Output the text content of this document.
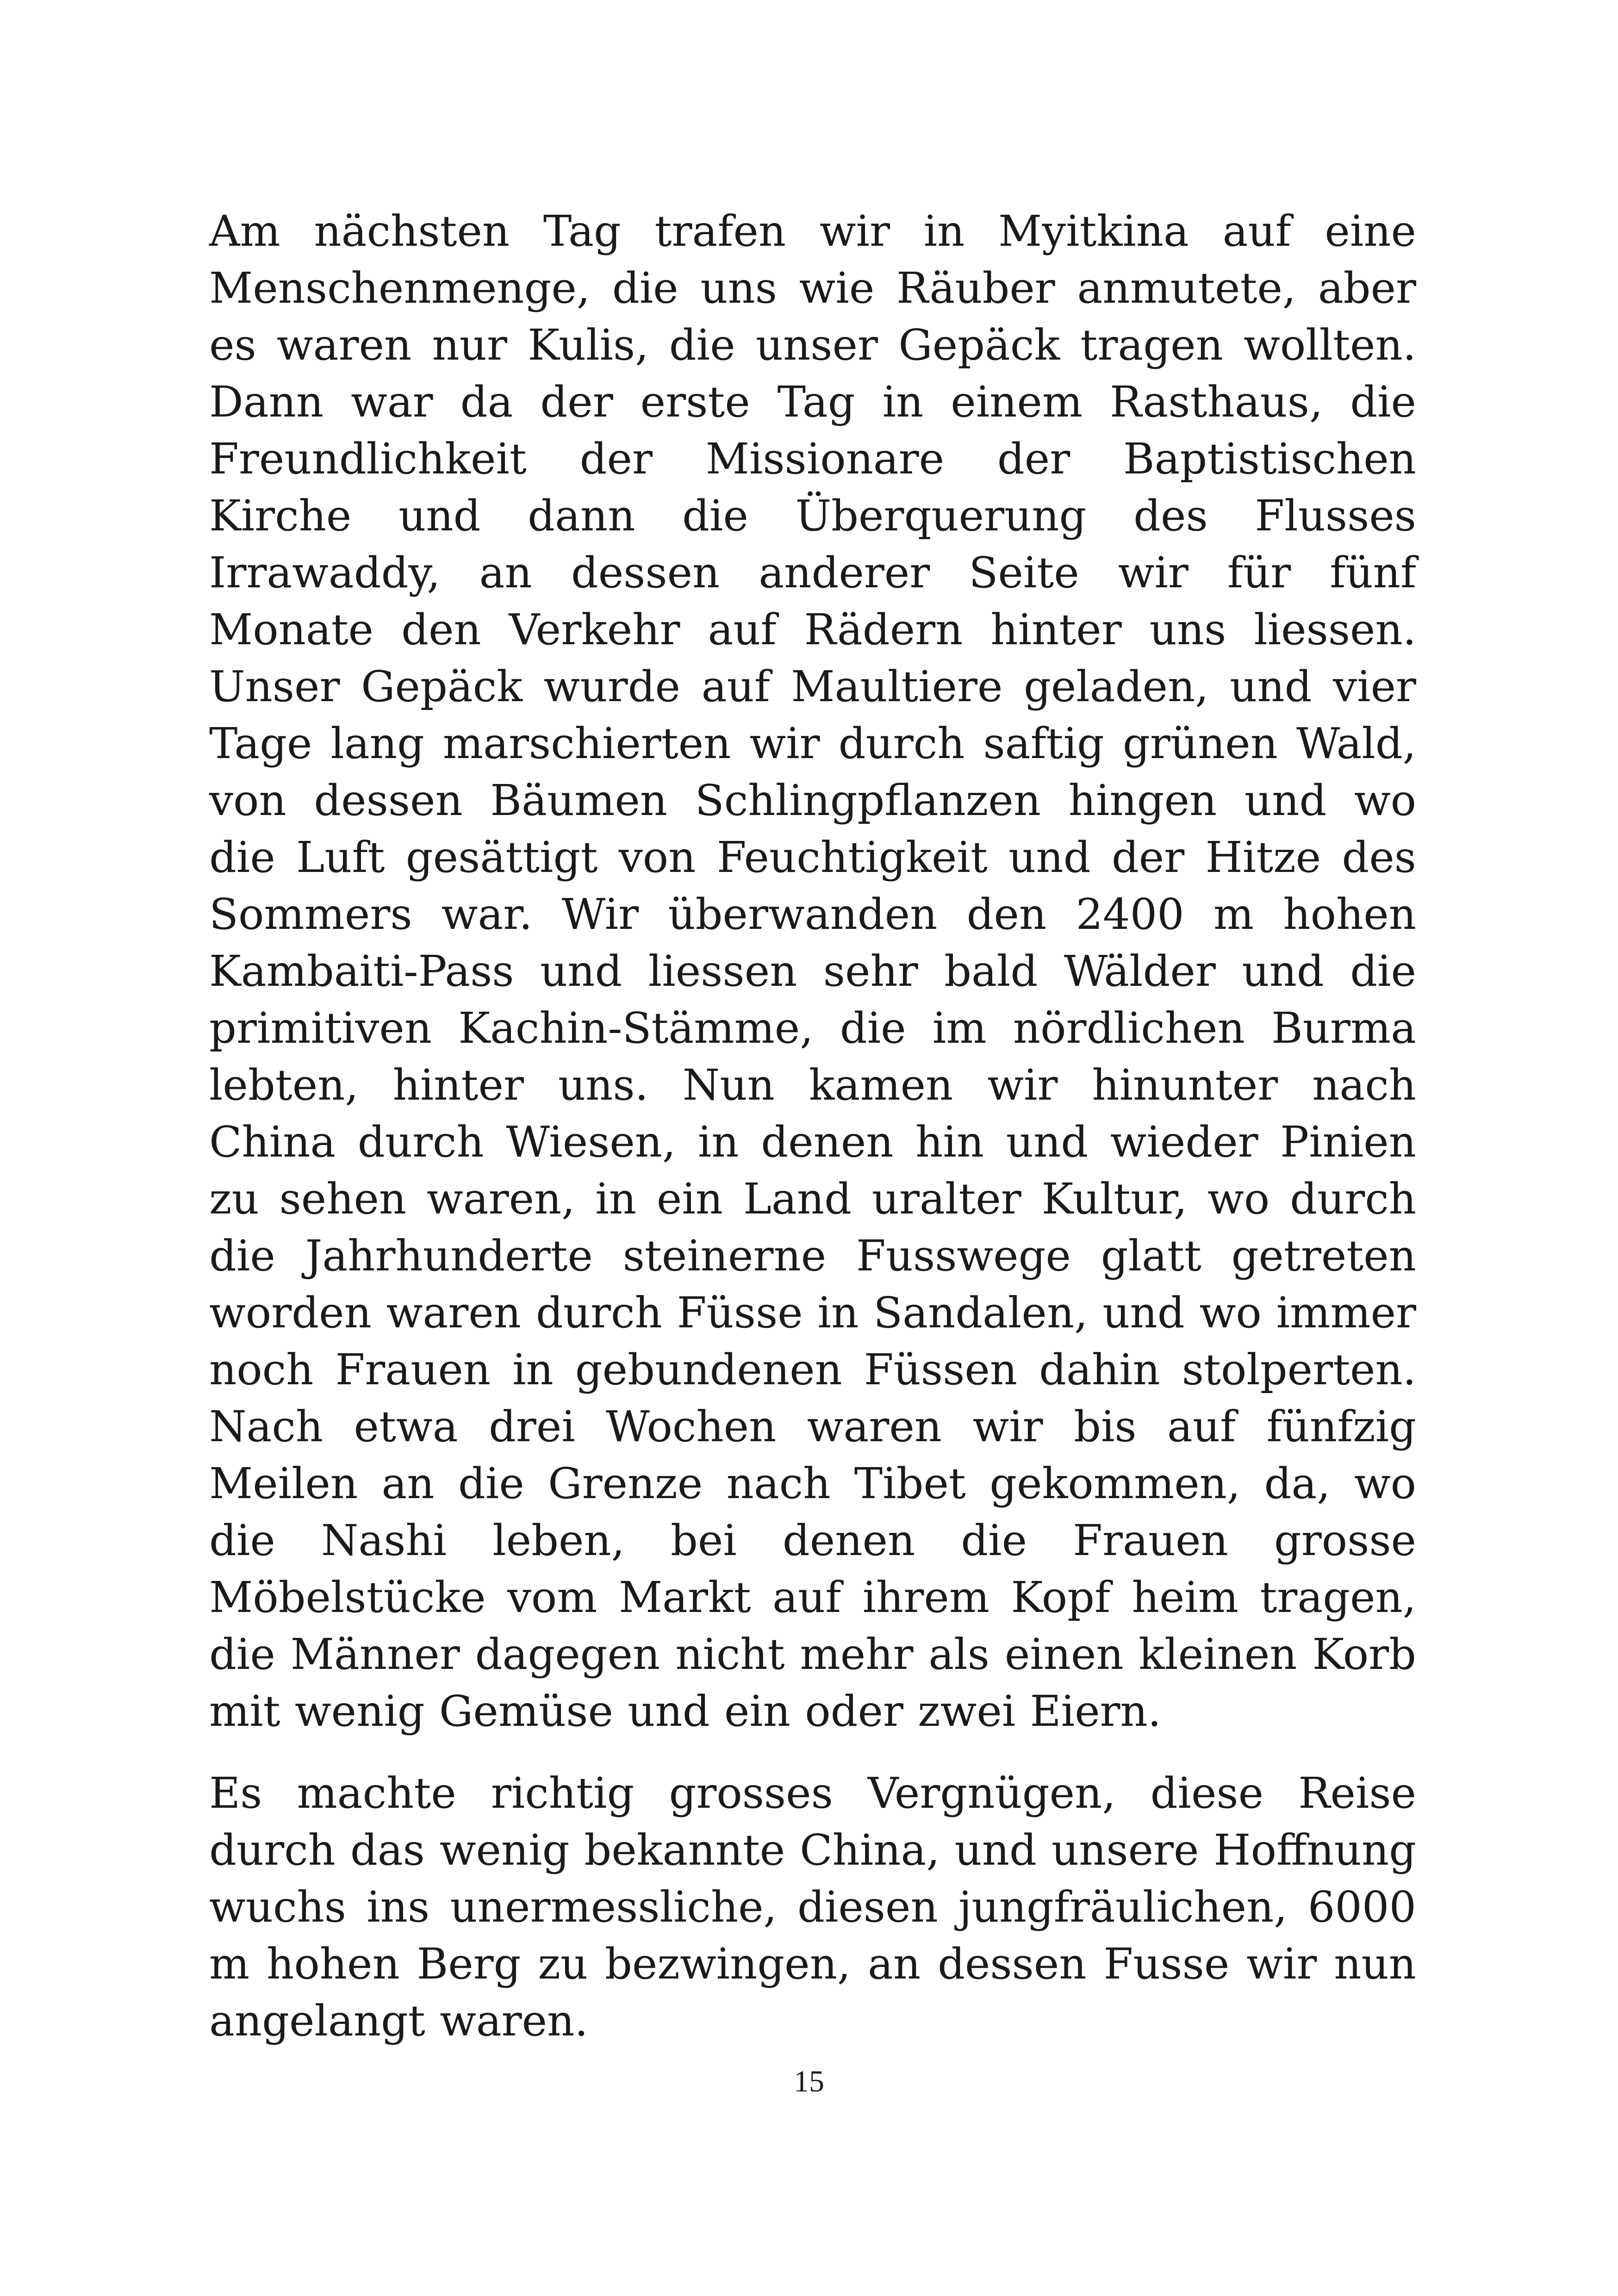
Am nächsten Tag trafen wir in Myitkina auf eine Menschenmenge, die uns wie Räuber anmutete, aber es waren nur Kulis, die unser Gepäck tragen wollten. Dann war da der erste Tag in einem Rasthaus, die Freundlichkeit der Missionare der Baptistischen Kirche und dann die Überquerung des Flusses Irrawaddy, an dessen anderer Seite wir für fünf Monate den Verkehr auf Rädern hinter uns liessen. Unser Gepäck wurde auf Maultiere geladen, und vier Tage lang marschierten wir durch saftig grünen Wald, von dessen Bäumen Schlingpflanzen hingen und wo die Luft gesättigt von Feuchtigkeit und der Hitze des Sommers war. Wir überwanden den 2400 m hohen Kambaiti-Pass und liessen sehr bald Wälder und die primitiven Kachin-Stämme, die im nördlichen Burma lebten, hinter uns. Nun kamen wir hinunter nach China durch Wiesen, in denen hin und wieder Pinien zu sehen waren, in ein Land uralter Kultur, wo durch die Jahrhunderte steinerne Fusswege glatt getreten worden waren durch Füsse in Sandalen, und wo immer noch Frauen in gebundenen Füssen dahin stolperten. Nach etwa drei Wochen waren wir bis auf fünfzig Meilen an die Grenze nach Tibet gekommen, da, wo die Nashi leben, bei denen die Frauen grosse Möbelstücke vom Markt auf ihrem Kopf heim tragen, die Männer dagegen nicht mehr als einen kleinen Korb mit wenig Gemüse und ein oder zwei Eiern.

Es machte richtig grosses Vergnügen, diese Reise durch das wenig bekannte China, und unsere Hoffnung wuchs ins unermessliche, diesen jungfräulichen, 6000 m hohen Berg zu bezwingen, an dessen Fusse wir nun angelangt waren.

15
